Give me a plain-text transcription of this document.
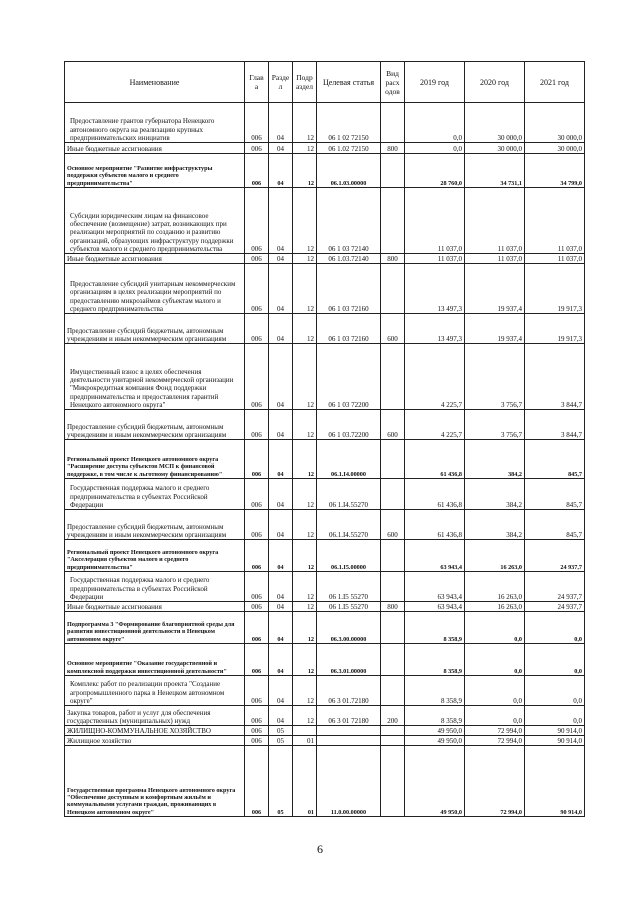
Наименование	Глав а	Разде л	Подр аздел	Целевая статья	Вид расх одов	2019 год	2020 год	2021 год
Предоставление грантов губернатора Ненецкого автономного округа на реализацию крупных предпринимательских инициатив	006	04	12	06 1 02 72150		0,0	30 000,0	30 000,0
Иные бюджетные ассигнования	006	04	12	06 1.02 72150	800	0,0	30 000,0	30 000,0
Основное мероприятие "Развитие инфраструктуры поддержки субъектов малого и среднего предпринимательства"	006	04	12	06.1.03.00000		28 760,0	34 731,1	34 799,0
Субсидии юридическим лицам на финансовое обеспечение (возмещение) затрат, возникающих при реализации мероприятий по созданию и развитию организаций, образующих инфраструктуру поддержки субъектов малого и среднего предпринимательства	006	04	12	06 1 03 72140		11 037,0	11 037,0	11 037,0
Иные бюджетные ассигнования	006	04	12	06 1.03.72140	800	11 037,0	11 037,0	11 037,0
Предоставление субсидий унитарным некоммерческим организациям в целях реализации мероприятий по предоставлению микрозаймов субъектам малого и среднего предпринимательства	006	04	12	06 1 03 72160		13 497,3	19 937,4	19 917,3
Предоставление субсидий бюджетным, автономным учреждениям и иным некоммерческим организациям	006	04	12	06 1 03 72160	600	13 497,3	19 937,4	19 917,3
Имущественный взнос в целях обеспечения деятельности унитарной некоммерческой организации "Микрокредитная компания Фонд поддержки предпринимательства и предоставления гарантий Ненецкого автономного округа"	006	04	12	06 1 03 72200		4 225,7	3 756,7	3 844,7
Предоставление субсидий бюджетным, автономным учреждениям и иным некоммерческим организациям	006	04	12	06 1 03.72200	600	4 225,7	3 756,7	3 844,7
Региональный проект Ненецкого автономного округа "Расширение доступа субъектов МСП к финансовой поддержке, в том числе к льготному финансированию"	006	04	12	06.1.I4.00000		61 436,8	384,2	845,7
Государственная поддержка малого и среднего предпринимательства в субъектах Российской Федерации	006	04	12	06 1.I4.55270		61 436,8	384,2	845,7
Предоставление субсидий бюджетным, автономным учреждениям и иным некоммерческим организациям	006	04	12	06.1.I4.55270	600	61 436,8	384,2	845,7
Региональный проект Ненецкого автономного округа "Акселерация субъектов малого и среднего предпринимательства"	006	04	12	06.1.I5.00000		63 943,4	16 263,0	24 937,7
Государственная поддержка малого и среднего предпринимательства в субъектах Российской Федерации	006	04	12	06 1.I5 55270		63 943,4	16 263,0	24 937,7
Иные бюджетные ассигнования	006	04	12	06 1.I5 55270	800	63 943,4	16 263,0	24 937,7
Подпрограмма 3 "Формирование благоприятной среды для развития инвестиционной деятельности в Ненецком автономном округе"	006	04	12	06.3.00.00000		8 358,9	0,0	0,0
Основное мероприятие "Оказание государственной и комплексной поддержки инвестиционной деятельности"	006	04	12	06.3.01.00000		8 358,9	0,0	0,0
Комплекс работ по реализации проекта "Создание агропромышленного парка в Ненецком автономном округе"	006	04	12	06 3 01.72180		8 358,9	0,0	0,0
Закупка товаров, работ и услуг для обеспечения государственных (муниципальных) нужд	006	04	12	06 3 01 72180	200	8 358,9	0,0	0,0
ЖИЛИЩНО-КОММУНАЛЬНОЕ ХОЗЯЙСТВО	006	05				49 950,0	72 994,0	90 914,0
Жилищное хозяйство	006	05	01			49 950,0	72 994,0	90 914,0
Государственная программа Ненецкого автономного округа "Обеспечение доступным и комфортным жильём и коммунальными услугами граждан, проживающих в Ненецком автономном округе"	006	05	01	11.0.00.00000		49 950,0	72 994,0	90 914,0
6
